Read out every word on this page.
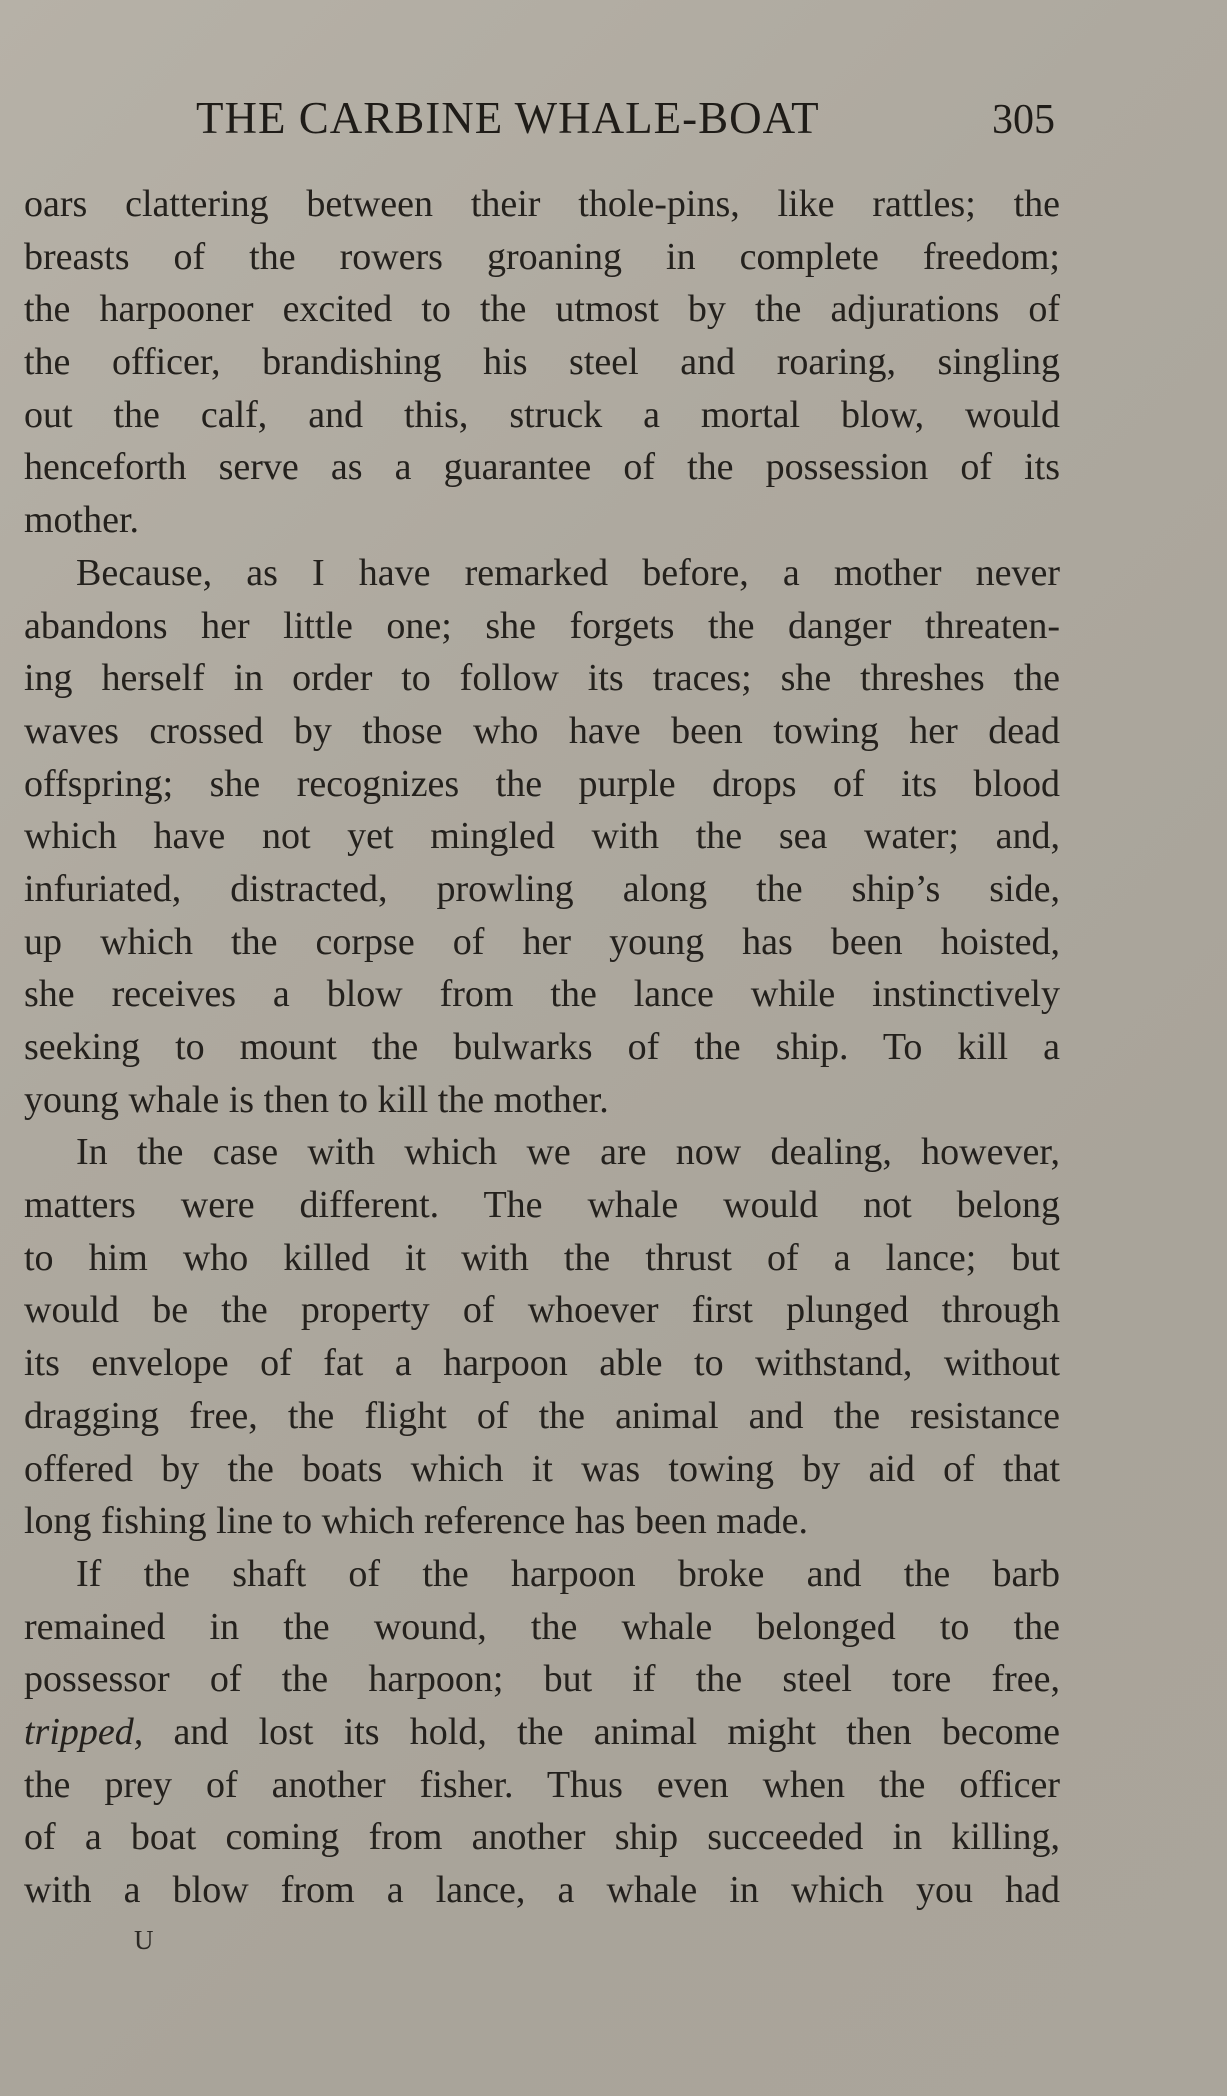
THE CARBINE WHALE-BOAT	305
oars clattering between their thole-pins, like rattles; the
breasts of the rowers groaning in complete freedom;
the harpooner excited to the utmost by the adjurations of
the officer, brandishing his steel and roaring, singling
out the calf, and this, struck a mortal blow, would
henceforth serve as a guarantee of the possession of its
mother.
Because, as I have remarked before, a mother never
abandons her little one; she forgets the danger threaten-
ing herself in order to follow its traces; she threshes the
waves crossed by those who have been towing her dead
offspring; she recognizes the purple drops of its blood
which have not yet mingled with the sea water; and,
infuriated, distracted, prowling along the ship’s side,
up which the corpse of her young has been hoisted,
she receives a blow from the lance while instinctively
seeking to mount the bulwarks of the ship. To kill a
young whale is then to kill the mother.
In the case with which we are now dealing, however,
matters were different. The whale would not belong
to him who killed it with the thrust of a lance; but
would be the property of whoever first plunged through
its envelope of fat a harpoon able to withstand, without
dragging free, the flight of the animal and the resistance
offered by the boats which it was towing by aid of that
long fishing line to which reference has been made.
If the shaft of the harpoon broke and the barb
remained in the wound, the whale belonged to the
possessor of the harpoon; but if the steel tore free,
tripped, and lost its hold, the animal might then become
the prey of another fisher. Thus even when the officer
of a boat coming from another ship succeeded in killing,
with a blow from a lance, a whale in which you had
U
